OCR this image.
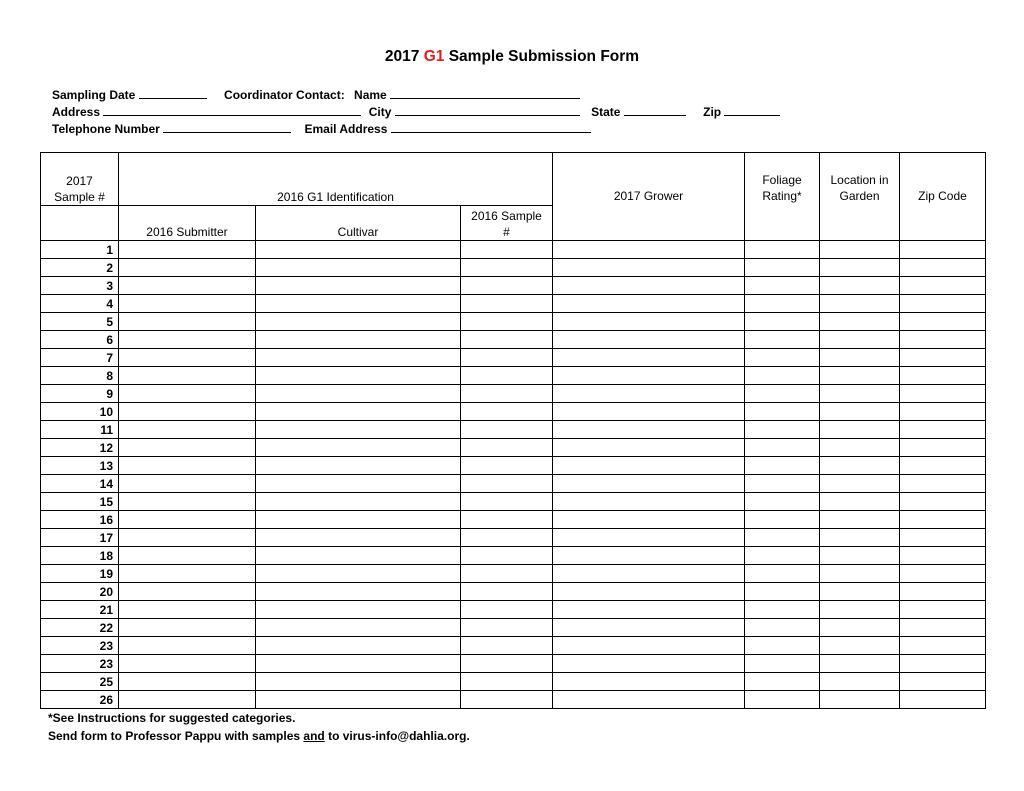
2017 G1 Sample Submission Form
Sampling Date	Coordinator Contact: Name
Address	City	State	Zip
Telephone Number	Email Address
2017 Sample #	2016 G1 Identification			2017 Grower	Foliage Rating*	Location in Garden	Zip Code
	2016 Submitter	Cultivar	2016 Sample #				
1							
2							
3							
4							
5							
6							
7							
8							
9							
10							
11							
12							
13							
14							
15							
16							
17							
18							
19							
20							
21							
22							
23							
23							
25							
26							
*See Instructions for suggested categories.
Send form to Professor Pappu with samples and to virus-info@dahlia.org.
